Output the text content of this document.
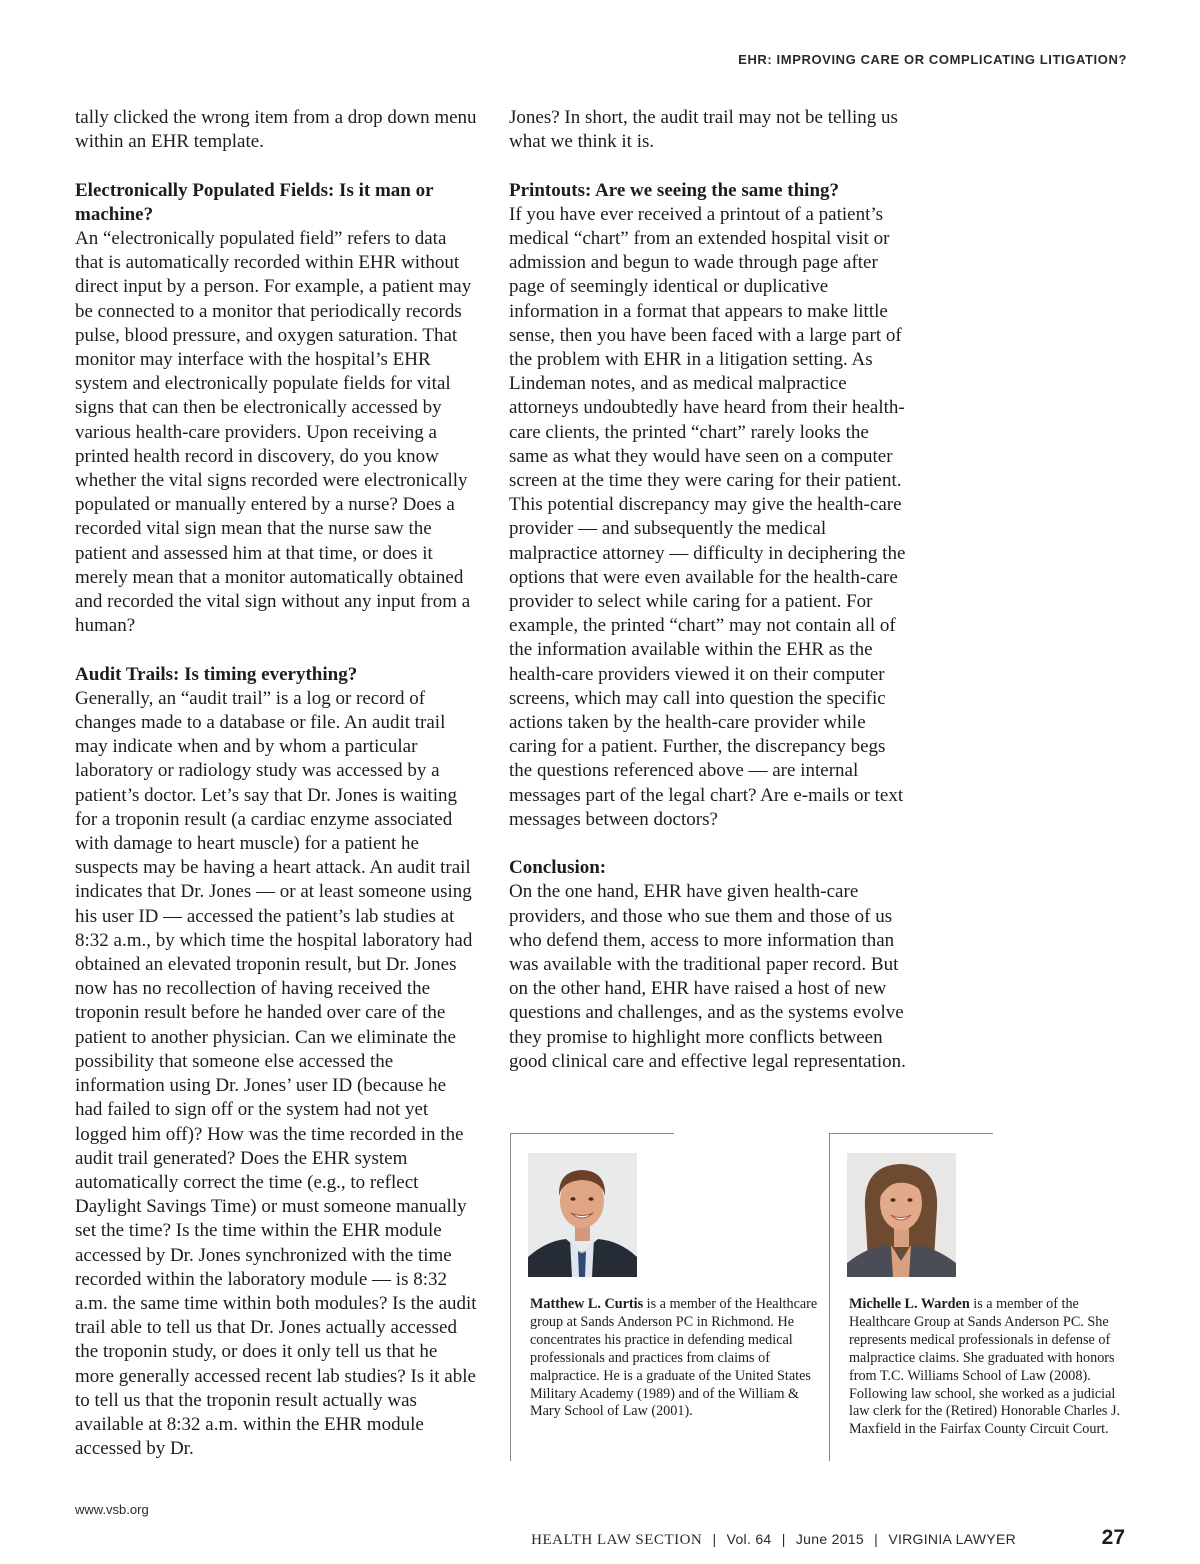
EHR: IMPROVING CARE OR COMPLICATING LITIGATION?

tally clicked the wrong item from a drop down menu within an EHR template.

Electronically Populated Fields: Is it man or machine?

An “electronically populated field” refers to data that is automatically recorded within EHR without direct input by a person. For example, a patient may be connected to a monitor that periodically records pulse, blood pressure, and oxygen saturation. That monitor may interface with the hospital’s EHR system and electronically populate fields for vital signs that can then be electronically accessed by various health-care providers. Upon receiving a printed health record in discovery, do you know whether the vital signs recorded were electronically populated or manually entered by a nurse? Does a recorded vital sign mean that the nurse saw the patient and assessed him at that time, or does it merely mean that a monitor automatically obtained and recorded the vital sign without any input from a human?

Audit Trails: Is timing everything?

Generally, an “audit trail” is a log or record of changes made to a database or file. An audit trail may indicate when and by whom a particular laboratory or radiology study was accessed by a patient’s doctor. Let’s say that Dr. Jones is waiting for a troponin result (a cardiac enzyme associated with damage to heart muscle) for a patient he suspects may be having a heart attack. An audit trail indicates that Dr. Jones — or at least someone using his user ID — accessed the patient’s lab studies at 8:32 a.m., by which time the hospital laboratory had obtained an elevated troponin result, but Dr. Jones now has no recollection of having received the troponin result before he handed over care of the patient to another physician. Can we eliminate the possibility that someone else accessed the information using Dr. Jones’ user ID (because he had failed to sign off or the system had not yet logged him off)? How was the time recorded in the audit trail generated? Does the EHR system automatically correct the time (e.g., to reflect Daylight Savings Time) or must someone manually set the time? Is the time within the EHR module accessed by Dr. Jones synchronized with the time recorded within the laboratory module — is 8:32 a.m. the same time within both modules? Is the audit trail able to tell us that Dr. Jones actually accessed the troponin study, or does it only tell us that he more generally accessed recent lab studies? Is it able to tell us that the troponin result actually was available at 8:32 a.m. within the EHR module accessed by Dr.

Jones? In short, the audit trail may not be telling us what we think it is.

Printouts: Are we seeing the same thing?

If you have ever received a printout of a patient’s medical “chart” from an extended hospital visit or admission and begun to wade through page after page of seemingly identical or duplicative information in a format that appears to make little sense, then you have been faced with a large part of the problem with EHR in a litigation setting. As Lindeman notes, and as medical malpractice attorneys undoubtedly have heard from their health-care clients, the printed “chart” rarely looks the same as what they would have seen on a computer screen at the time they were caring for their patient. This potential discrepancy may give the health-care provider — and subsequently the medical malpractice attorney — difficulty in deciphering the options that were even available for the health-care provider to select while caring for a patient. For example, the printed “chart” may not contain all of the information available within the EHR as the health-care providers viewed it on their computer screens, which may call into question the specific actions taken by the health-care provider while caring for a patient. Further, the discrepancy begs the questions referenced above — are internal messages part of the legal chart? Are e-mails or text messages between doctors?

Conclusion:

On the one hand, EHR have given health-care providers, and those who sue them and those of us who defend them, access to more information than was available with the traditional paper record. But on the other hand, EHR have raised a host of new questions and challenges, and as the systems evolve they promise to highlight more conflicts between good clinical care and effective legal representation.

Matthew L. Curtis is a member of the Healthcare group at Sands Anderson PC in Richmond. He concentrates his practice in defending medical professionals and practices from claims of malpractice. He is a graduate of the United States Military Academy (1989) and of the William & Mary School of Law (2001).
Michelle L. Warden is a member of the Healthcare Group at Sands Anderson PC. She represents medical professionals in defense of malpractice claims. She graduated with honors from T.C. Williams School of Law (2008). Following law school, she worked as a judicial law clerk for the (Retired) Honorable Charles J. Maxfield in the Fairfax County Circuit Court.
www.vsb.org
HEALTH LAW SECTION | Vol. 64 | June 2015 | VIRGINIA LAWYER	27
